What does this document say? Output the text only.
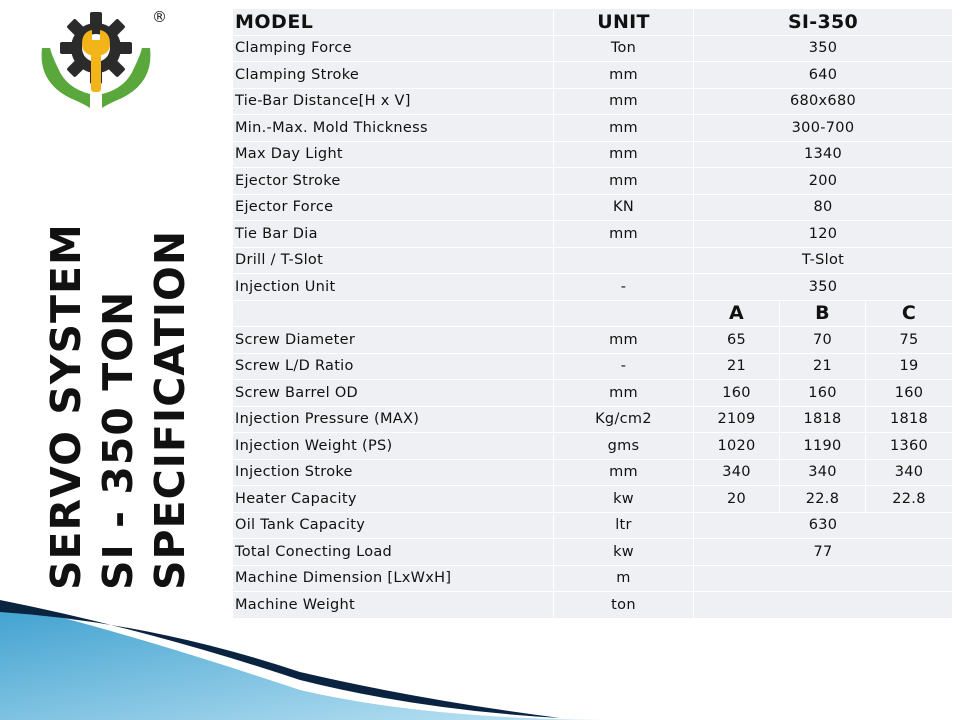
®
SERVO SYSTEM SI - 350 TON SPECIFICATION
MODEL	UNIT	SI-350		
Clamping Force	Ton	350		
Clamping Stroke	mm	640		
Tie-Bar Distance[H x V]	mm	680x680		
Min.-Max. Mold Thickness	mm	300-700		
Max Day Light	mm	1340		
Ejector Stroke	mm	200		
Ejector Force	KN	80		
Tie Bar Dia	mm	120		
Drill / T-Slot		T-Slot		
Injection Unit	-	350		
		A	B	C
Screw Diameter	mm	65	70	75
Screw L/D Ratio	-	21	21	19
Screw Barrel OD	mm	160	160	160
Injection Pressure (MAX)	Kg/cm2	2109	1818	1818
Injection Weight (PS)	gms	1020	1190	1360
Injection Stroke	mm	340	340	340
Heater Capacity	kw	20	22.8	22.8
Oil Tank Capacity	ltr	630		
Total Conecting Load	kw	77		
Machine Dimension [LxWxH]	m			
Machine Weight	ton			
